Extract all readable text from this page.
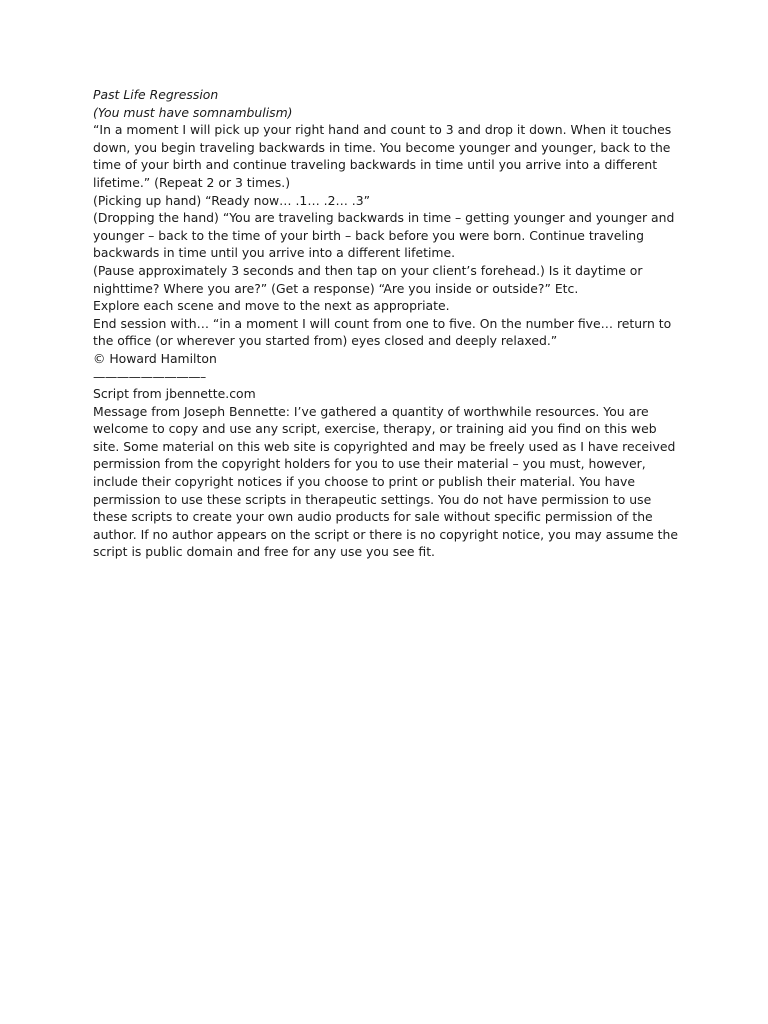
Past Life Regression

(You must have somnambulism)

“In a moment I will pick up your right hand and count to 3 and drop it down. When it touches down, you begin traveling backwards in time. You become younger and younger, back to the time of your birth and continue traveling backwards in time until you arrive into a different lifetime.” (Repeat 2 or 3 times.)

(Picking up hand) “Ready now… .1… .2… .3”

(Dropping the hand) “You are traveling backwards in time – getting younger and younger and younger – back to the time of your birth – back before you were born. Continue traveling backwards in time until you arrive into a different lifetime.

(Pause approximately 3 seconds and then tap on your client’s forehead.) Is it daytime or nighttime? Where you are?” (Get a response) “Are you inside or outside?” Etc.

Explore each scene and move to the next as appropriate.

End session with… “in a moment I will count from one to five. On the number five… return to the office (or wherever you started from) eyes closed and deeply relaxed.”

© Howard Hamilton

—————————–

Script from jbennette.com

Message from Joseph Bennette: I’ve gathered a quantity of worthwhile resources. You are welcome to copy and use any script, exercise, therapy, or training aid you find on this web site. Some material on this web site is copyrighted and may be freely used as I have received permission from the copyright holders for you to use their material – you must, however, include their copyright notices if you choose to print or publish their material. You have permission to use these scripts in therapeutic settings. You do not have permission to use these scripts to create your own audio products for sale without specific permission of the author. If no author appears on the script or there is no copyright notice, you may assume the script is public domain and free for any use you see fit.
